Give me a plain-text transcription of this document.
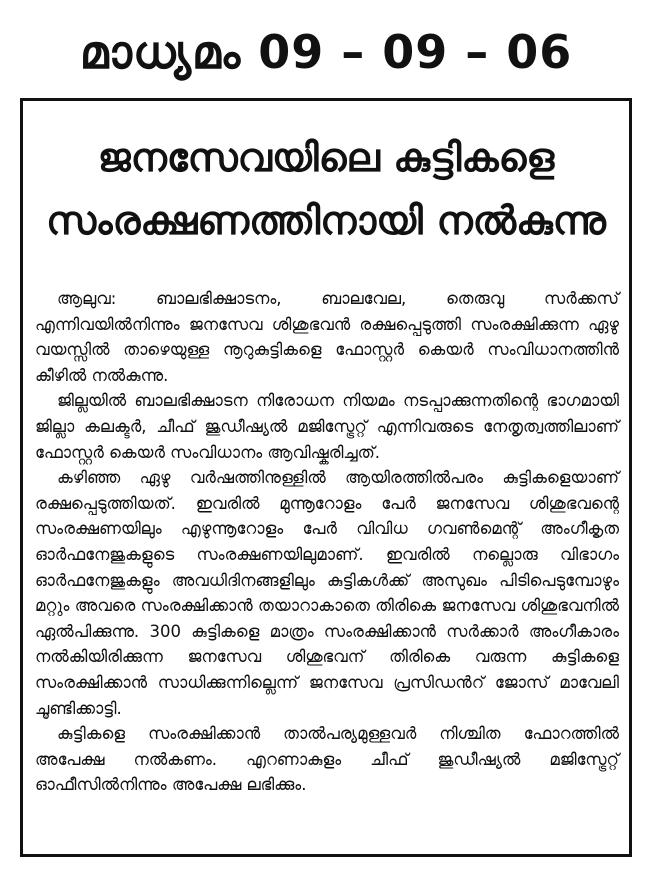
മാധ്യമം 09 – 09 – 06
ജനസേവയിലെ കുട്ടികളെ
സംരക്ഷണത്തിനായി നൽകുന്നു

ആലുവ: ബാലഭിക്ഷാടനം, ബാലവേല, തെരുവു സർക്കസ് എന്നിവയിൽനിന്നും ജനസേവ ശിശുഭവൻ രക്ഷപ്പെടുത്തി സംരക്ഷിക്കുന്ന ഏഴു വയസ്സിൽ താഴെയുള്ള നൂറുകുട്ടികളെ ഫോസ്റ്റർ കെയർ സംവിധാനത്തിൻ കീഴിൽ നൽകുന്നു.

ജില്ലയിൽ ബാലഭിക്ഷാടന നിരോധന നിയമം നടപ്പാക്കുന്നതിന്റെ ഭാഗമായി ജില്ലാ കലക്ടർ, ചീഫ് ജുഡീഷ്യൽ മജിസ്ട്രേറ്റ് എന്നിവരുടെ നേതൃത്വത്തിലാണ് ഫോസ്റ്റർ കെയർ സംവിധാനം ആവിഷ്കരിച്ചത്.

കഴിഞ്ഞ ഏഴു വർഷത്തിനുള്ളിൽ ആയിരത്തിൽപരം കുട്ടികളെയാണ് രക്ഷപ്പെടുത്തിയത്. ഇവരിൽ മുന്നൂറോളം പേർ ജനസേവ ശിശുഭവന്റെ സംരക്ഷണയിലും എഴുന്നൂറോളം പേർ വിവിധ ഗവൺമെന്റ് അംഗീകൃത ഓർഫനേജുകളുടെ സംരക്ഷണയിലുമാണ്. ഇവരിൽ നല്ലൊരു വിഭാഗം ഓർഫനേജുകളും അവധിദിനങ്ങളിലും കുട്ടികൾക്ക് അസുഖം പിടിപെടുമ്പോഴും മറ്റും അവരെ സംരക്ഷിക്കാൻ തയാറാകാതെ തിരികെ ജനസേവ ശിശുഭവനിൽ ഏൽപിക്കുന്നു. 300 കുട്ടികളെ മാത്രം സംരക്ഷിക്കാൻ സർക്കാർ അംഗീകാരം നൽകിയിരിക്കുന്ന ജനസേവ ശിശുഭവന് തിരികെ വരുന്ന കുട്ടികളെ സംരക്ഷിക്കാൻ സാധിക്കുന്നില്ലെന്ന് ജനസേവ പ്രസിഡൻറ് ജോസ് മാവേലി ചൂണ്ടിക്കാട്ടി.

കുട്ടികളെ സംരക്ഷിക്കാൻ താൽപര്യമുള്ളവർ നിശ്ചിത ഫോറത്തിൽ അപേക്ഷ നൽകണം. എറണാകുളം ചീഫ് ജുഡീഷ്യൽ മജിസ്ട്രേറ്റ് ഓഫീസിൽനിന്നും അപേക്ഷ ലഭിക്കും.
